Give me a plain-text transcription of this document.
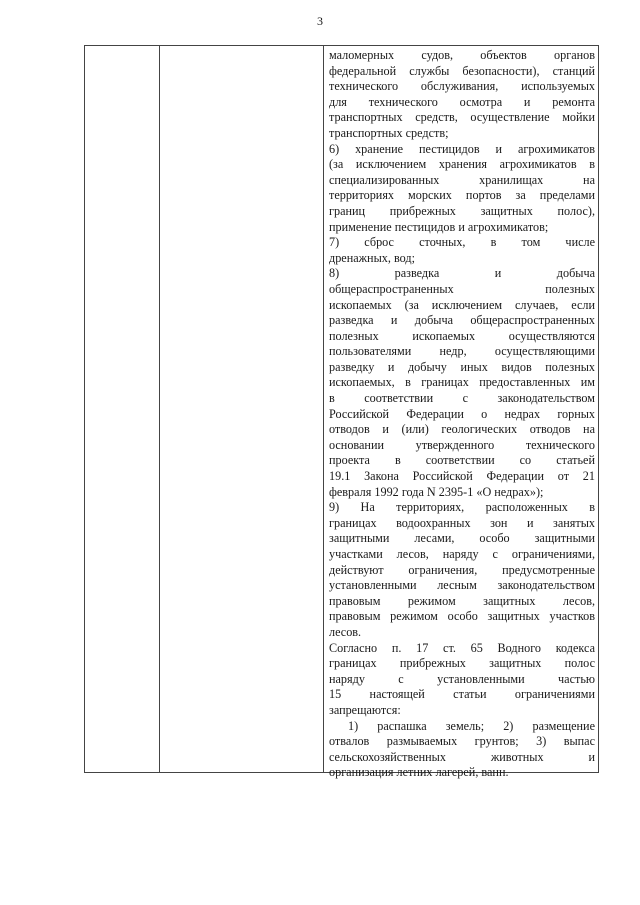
3
маломерных судов, объектов органов
федеральной службы безопасности), станций
технического обслуживания, используемых
для технического осмотра и ремонта
транспортных средств, осуществление мойки
транспортных средств;
6) хранение пестицидов и агрохимикатов
(за исключением хранения агрохимикатов в
специализированных хранилищах на
территориях морских портов за пределами
границ прибрежных защитных полос),
применение пестицидов и агрохимикатов;
7) сброс сточных, в том числе
дренажных, вод;
8) разведка и добыча
общераспространенных полезных
ископаемых (за исключением случаев, если
разведка и добыча общераспространенных
полезных ископаемых осуществляются
пользователями недр, осуществляющими
разведку и добычу иных видов полезных
ископаемых, в границах предоставленных им
в соответствии с законодательством
Российской Федерации о недрах горных
отводов и (или) геологических отводов на
основании утвержденного технического
проекта в соответствии со статьей
19.1 Закона Российской Федерации от 21
февраля 1992 года N 2395-1 «О недрах»);
9) На территориях, расположенных в
границах водоохранных зон и занятых
защитными лесами, особо защитными
участками лесов, наряду с ограничениями,
действуют ограничения, предусмотренные
установленными лесным законодательством
правовым режимом защитных лесов,
правовым режимом особо защитных участков
лесов.
Согласно п. 17 ст. 65 Водного кодекса
границах прибрежных защитных полос
наряду с установленными частью
15 настоящей статьи ограничениями
запрещаются:
1) распашка земель; 2) размещение
отвалов размываемых грунтов; 3) выпас
сельскохозяйственных животных и
организация летних лагерей, ванн.
